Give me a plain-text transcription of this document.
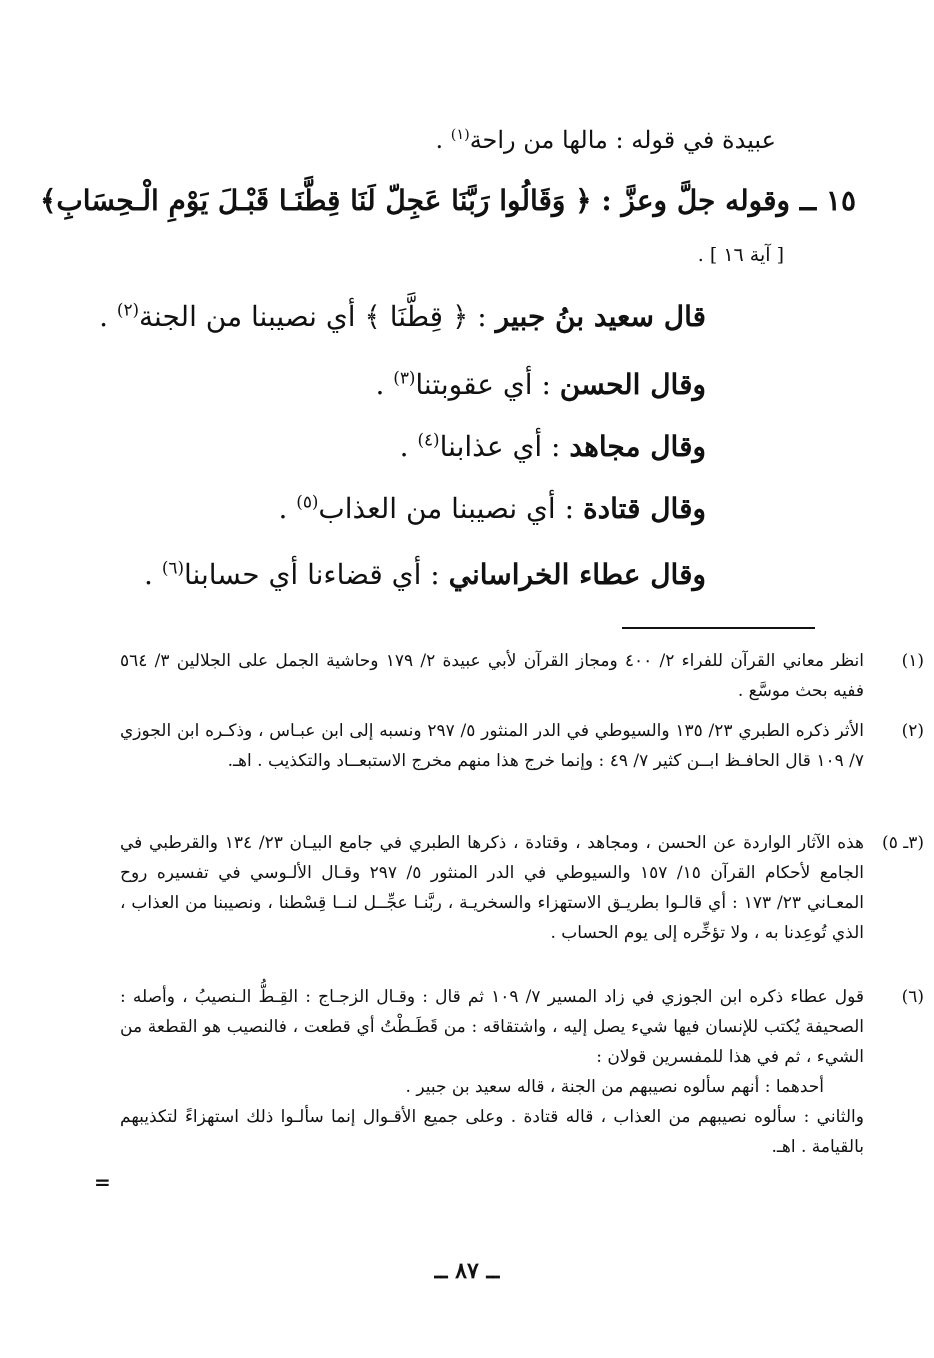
عبيدة في قوله : مالها من راحة$^{(١)}$ .
١٥ ــ وقوله جلَّ وعزَّ : ﴿ وَقَالُوا رَبَّنَا عَجِلّ لَنَا قِطَّنَـا قَبْـلَ يَوْمِ الْـحِسَابِ﴾
[ آية ١٦ ] .
قال سعيد بنُ جبير : ﴿ قِطَّنَا ﴾ أي نصيبنا من الجنة$^{(٢)}$ .
وقال الحسن : أي عقوبتنا$^{(٣)}$ .
وقال مجاهد : أي عذابنا$^{(٤)}$ .
وقال قتادة : أي نصيبنا من العذاب$^{(٥)}$ .
وقال عطاء الخراساني : أي قضاءنا أي حسابنا$^{(٦)}$ .
(١)
انظر معاني القرآن للفراء ٢/ ٤٠٠ ومجاز القرآن لأبي عبيدة ٢/ ١٧٩ وحاشية الجمل على الجلالين ٣/ ٥٦٤ ففيه بحث موسَّع .
(٢)
الأثر ذكره الطبري ٢٣/ ١٣٥ والسيوطي في الدر المنثور ٥/ ٢٩٧ ونسبه إلى ابن عبـاس ، وذكـره ابن الجوزي ٧/ ١٠٩ قال الحافـظ ابــن كثير ٧/ ٤٩ : وإنما خرج هذا منهم مخرج الاستبعــاد والتكذيب . اهـ.
(٣ـ ٥)
هذه الآثار الواردة عن الحسن ، ومجاهد ، وقتادة ، ذكرها الطبري في جامع البيـان ٢٣/ ١٣٤ والقرطبي في الجامع لأحكام القرآن ١٥/ ١٥٧ والسيوطي في الدر المنثور ٥/ ٢٩٧ وقـال الألـوسي في تفسيره روح المعـاني ٢٣/ ١٧٣ : أي قالـوا بطريـق الاستهزاء والسخريـة ، ربَّنـا عجِّــل لنــا قِسْطنا ، ونصيبنا من العذاب ، الذي تُوعِدنا به ، ولا تؤخِّره إلى يوم الحساب .
(٦)
قول عطاء ذكره ابن الجوزي في زاد المسير ٧/ ١٠٩ ثم قال : وقـال الزجـاج : القِـطُّ الـنصيبُ ، وأصله : الصحيفة يُكتب للإنسان فيها شيء يصل إليه ، واشتقاقه : من قَطَـطْتُ أي قطعت ، فالنصيب هو القطعة من الشيء ، ثم في هذا للمفسرين قولان :
أحدهما : أنهم سألوه نصيبهم من الجنة ، قاله سعيد بن جبير .
والثاني : سألوه نصيبهم من العذاب ، قاله قتادة . وعلى جميع الأقـوال إنما سألـوا ذلك استهزاءً لتكذيبهم بالقيامة . اهـ.
=
ــ ٨٧ ــ
